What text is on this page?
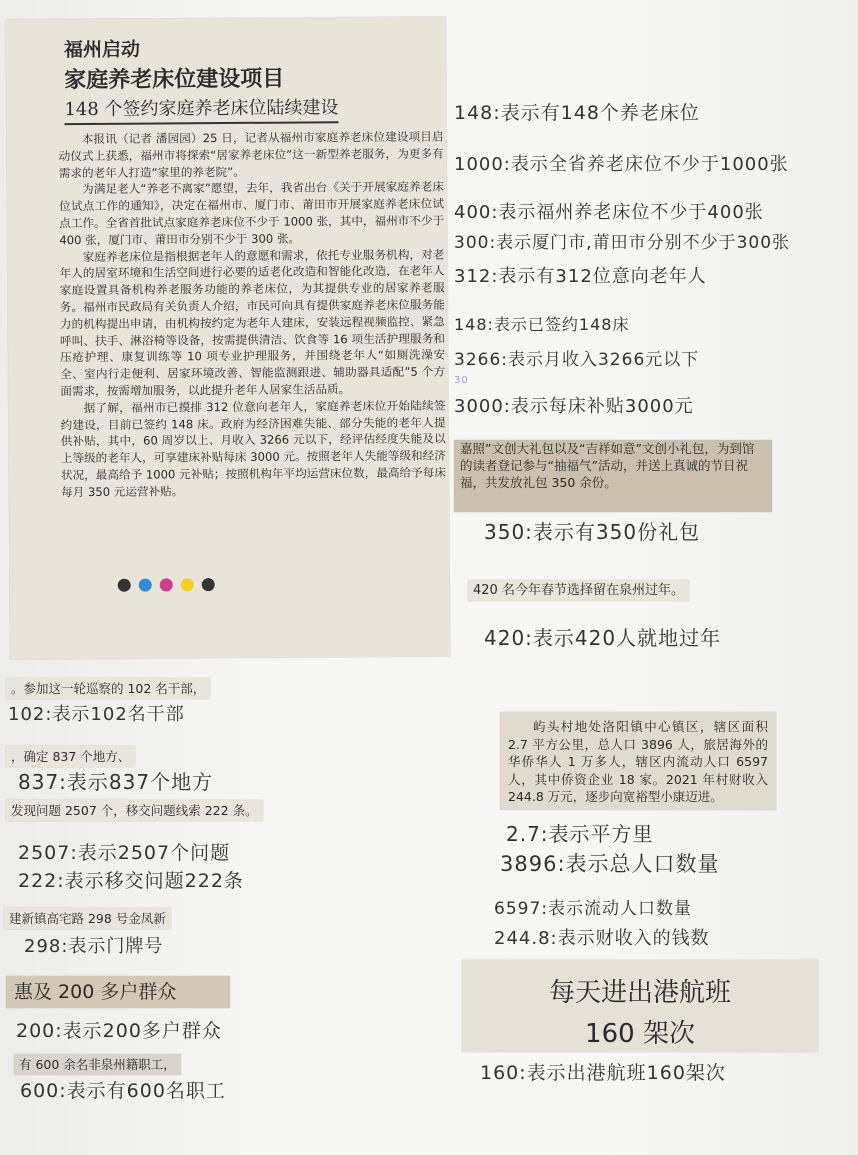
福州启动
家庭养老床位建设项目
148 个签约家庭养老床位陆续建设

本报讯（记者 潘园园）25 日，记者从福州市家庭养老床位建设项目启动仪式上获悉，福州市将探索“居家养老床位”这一新型养老服务，为更多有需求的老年人打造“家里的养老院”。

为满足老人“养老不离家”愿望，去年，我省出台《关于开展家庭养老床位试点工作的通知》，决定在福州市、厦门市、莆田市开展家庭养老床位试点工作。全省首批试点家庭养老床位不少于 1000 张，其中，福州市不少于 400 张，厦门市、莆田市分别不少于 300 张。

家庭养老床位是指根据老年人的意愿和需求，依托专业服务机构，对老年人的居室环境和生活空间进行必要的适老化改造和智能化改造，在老年人家庭设置具备机构养老服务功能的养老床位，为其提供专业的居家养老服务。福州市民政局有关负责人介绍，市民可向具有提供家庭养老床位服务能力的机构提出申请，由机构按约定为老年人建床，安装远程视频监控、紧急呼叫、扶手、淋浴椅等设备，按需提供清洁、饮食等 16 项生活护理服务和压疮护理、康复训练等 10 项专业护理服务，并围绕老年人“如厕洗澡安全、室内行走便利、居家环境改善、智能监测跟进、辅助器具适配”5 个方面需求，按需增加服务，以此提升老年人居家生活品质。

据了解，福州市已摸排 312 位意向老年人，家庭养老床位开始陆续签约建设，目前已签约 148 床。政府为经济困难失能、部分失能的老年人提供补贴，其中，60 周岁以上、月收入 3266 元以下，经评估经度失能及以上等级的老年人，可享建床补贴每床 3000 元。按照老年人失能等级和经济状况，最高给予 1000 元补贴；按照机构年平均运营床位数，最高给予每床每月 350 元运营补贴。

148:表示有148个养老床位
1000:表示全省养老床位不少于1000张
400:表示福州养老床位不少于400张
300:表示厦门市,莆田市分别不少于300张
312:表示有312位意向老年人
148:表示已签约148床
3266:表示月收入3266元以下
30
3000:表示每床补贴3000元
嘉照”文创大礼包以及“吉祥如意”文创小礼包，为到馆的读者登记参与“抽福气”活动，并送上真诚的节日祝福，共发放礼包 350 余份。
350:表示有350份礼包
420 名今年春节选择留在泉州过年。
420:表示420人就地过年
。参加这一轮巡察的 102 名干部，
102:表示102名干部
，确定 837 个地方、
837:表示837个地方
发现问题 2507 个，移交问题线索 222 条。
2507:表示2507个问题
222:表示移交问题222条
建新镇高宅路 298 号金凤新
298:表示门牌号
惠及 200 多户群众
200:表示200多户群众
有 600 余名非泉州籍职工，
600:表示有600名职工
屿头村地处洛阳镇中心镇区，辖区面积 2.7 平方公里，总人口 3896 人，旅居海外的华侨华人 1 万多人，辖区内流动人口 6597 人，其中侨资企业 18 家。2021 年村财收入 244.8 万元，逐步向宽裕型小康迈进。
2.7:表示平方里
3896:表示总人口数量
6597:表示流动人口数量
244.8:表示财收入的钱数
每天进出港航班
160 架次
160:表示出港航班160架次
